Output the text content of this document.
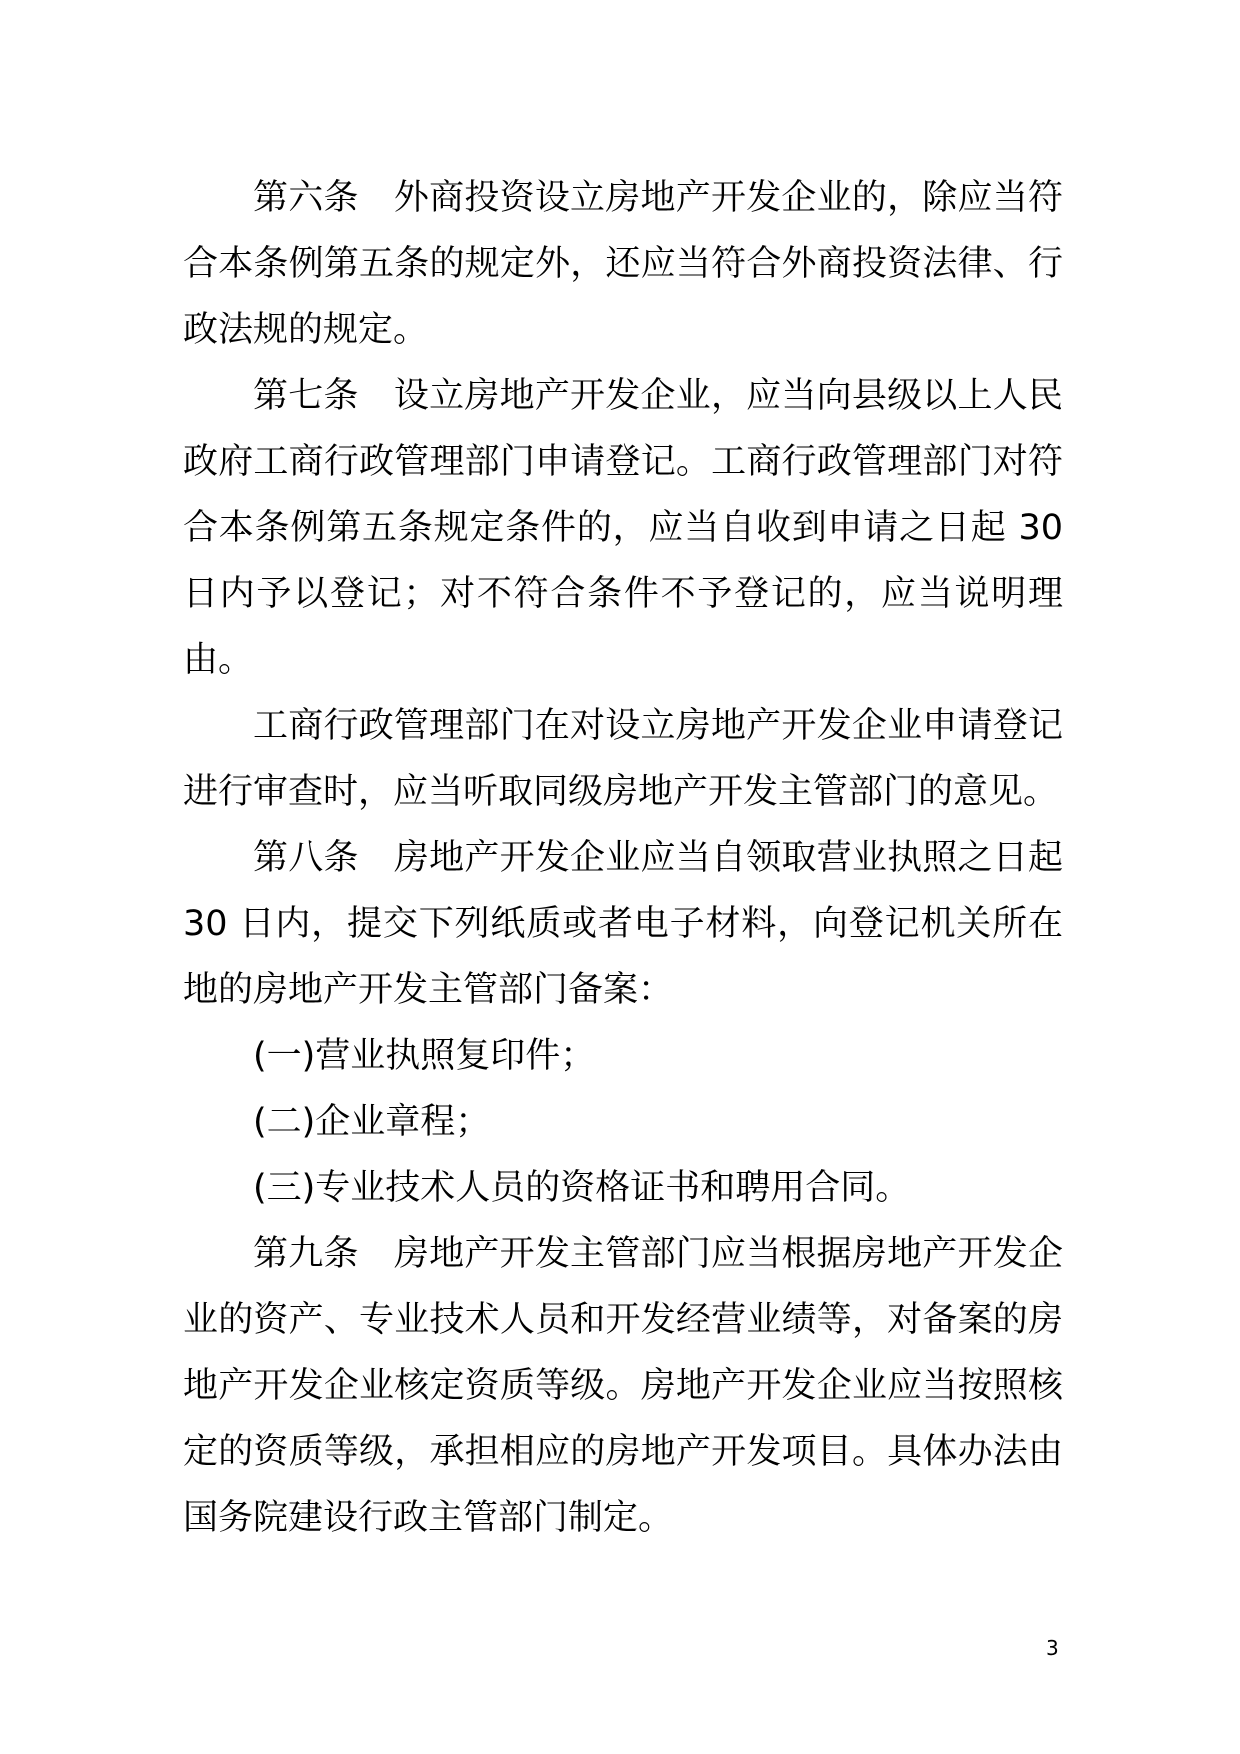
第六条　外商投资设立房地产开发企业的，除应当符合本条例第五条的规定外，还应当符合外商投资法律、行政法规的规定。

第七条　设立房地产开发企业，应当向县级以上人民政府工商行政管理部门申请登记。工商行政管理部门对符合本条例第五条规定条件的，应当自收到申请之日起 30 日内予以登记；对不符合条件不予登记的，应当说明理由。

工商行政管理部门在对设立房地产开发企业申请登记进行审查时，应当听取同级房地产开发主管部门的意见。

第八条　房地产开发企业应当自领取营业执照之日起 30 日内，提交下列纸质或者电子材料，向登记机关所在地的房地产开发主管部门备案：

(一)营业执照复印件；

(二)企业章程；

(三)专业技术人员的资格证书和聘用合同。

第九条　房地产开发主管部门应当根据房地产开发企业的资产、专业技术人员和开发经营业绩等，对备案的房地产开发企业核定资质等级。房地产开发企业应当按照核定的资质等级，承担相应的房地产开发项目。具体办法由国务院建设行政主管部门制定。

3
